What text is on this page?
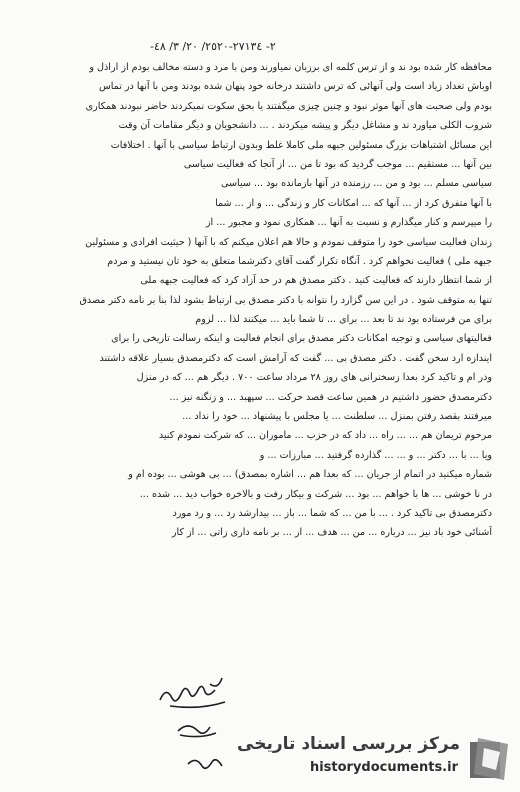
-٢- ٢٧١٣٤-٢٥٢٠/ ٢٠/ ٣/ ٤٨
محافظه کار شده بود ند و از ترس کلمه ای برزبان نمیاورند ومن با مرد و دسته مخالف بودم از اراذل و
اوباش تعداد زیاد است ولی آنهائی که ترس داشتند درخانه خود پنهان شده بودند ومن با آنها در تماس
بودم ولی صحبت های آنها موثر نبود و چنین چیزی میگفتند یا بحق سکوت نمیکردند حاضر نبودند همکاری
شروب الکلی میاورد ند و مشاغل دیگر و پیشه میکردند . ... دانشجویان و دیگر مقامات آن وقت
این مسائل اشتباهات بزرگ مسئولین جبهه ملی کاملا غلط وبدون ارتباط سیاسی با آنها . اختلافات
بین آنها ... مستقیم ... موجب گردید که بود تا من ... از آنجا که فعالیت سیاسی
سیاسی مسلم ... بود و من ... رزمنده در آنها بازمانده بود ... سیاسی
با آنها متفرق کرد از ... آنها که ... امکانات کار و زندگی ... و از ... شما
را میپرسم و کنار میگذارم و نسبت به آنها ... همکاری نمود و مجبور ... از
زندان فعالیت سیاسی خود را متوقف نمودم و حالا هم اعلان میکنم که با آنها ( حیثیت افرادی و مسئولین
جبهه ملی ) فعالیت نخواهم کرد . آنگاه تکرار گفت آقای دکترشما متعلق به خود تان نیستید و مردم
از شما انتظار دارند که فعالیت کنید . دکتر مصدق هم در حد آزاد کرد که فعالیت جبهه ملی
تنها به متوقف شود . در این سن گزارد را نتوانه با دکتر مصدق بی ارتباط بشود لذا بنا بر نامه دکتر مصدق
برای من فرستاده بود ند تا بعد ... برای ... تا شما باید ... میکنند لذا ... لزوم
فعالیتهای سیاسی و توجیه امکانات دکتر مصدق برای انجام فعالیت و اینکه رسالت تاریخی را برای
ایندازه ارد سخن گفت . دکتر مصدق بی ... گفت که آرامش است که دکترمصدق بسیار علاقه داشتند
ودر ام و تاکید کرد بعدا زسخنرانی های روز ۲۸ مرداد ساعت ۷۰۰ . دیگر هم ... که در منزل
دکترمصدق حضور داشتیم در همین ساعت قصد حرکت ... سپهبد ... و زنگنه نیز ...
میرفتند بقصد رفتن بمنزل ... سلطنت ... یا مجلس با پیشنهاد ... خود را نداد ...
مرحوم تریمان هم ... ... راه ... داد که در حزب ... ماموران ... که شرکت نمودم کنید
ویا ... با ... دکتر ... و ... ... گذارده گرفتید ... مبارزات ... و
شماره میکنید در اتمام از جریان ... که بعدا هم ... اشاره بمصدق) ... بی هوشی ... بوده ام و
در نا خوشی ... ها با خواهم ... بود ... شرکت و بیکار رفت و بالاخره خواب دید ... شده ...
دکترمصدق بی تاکید کرد . ... با من ... که شما ... باز ... بیدارشد رد ... و رد مورد
آشنائی خود باد نیز ... درباره ... من ... هدف ... از ... بر نامه داری زاتی ... از کار
مرکز بررسی اسناد تاریخی
historydocuments.ir
